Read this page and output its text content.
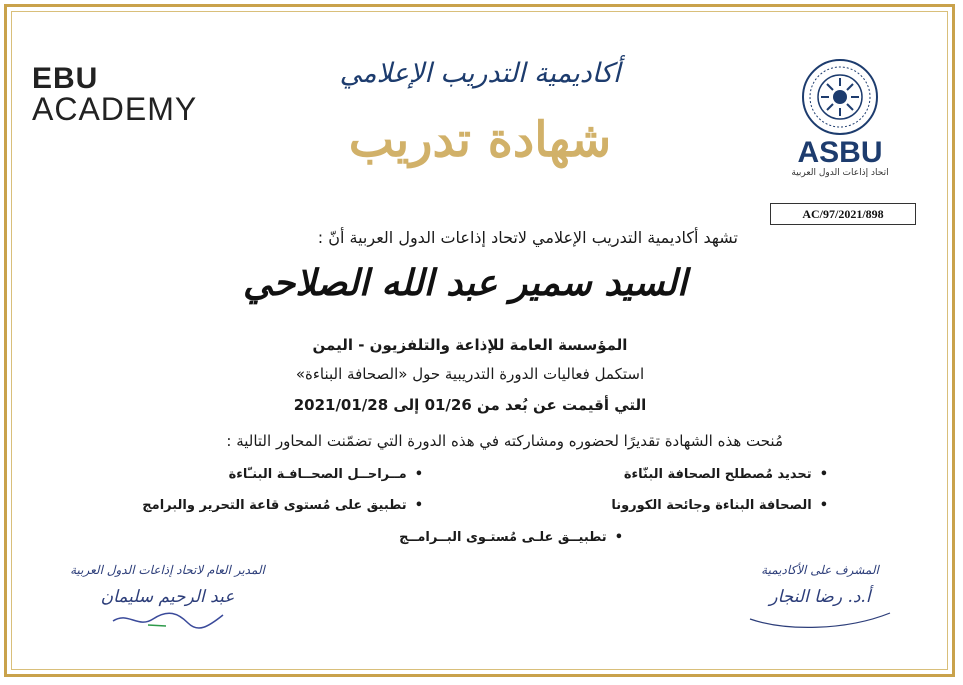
EBU
ACADEMY
ASBU
اتحاد إذاعات الدول العربية
AC/97/2021/898
أكاديمية التدريب الإعلامي
شهادة تدريب
تشهد أكاديمية التدريب الإعلامي لاتحاد إذاعات الدول العربية أنّ :
السيد سمير عبد الله الصلاحي
المؤسسة العامة للإذاعة والتلفزيون - اليمن
استكمل فعاليات الدورة التدريبية حول «الصحافة البناءة»
التي أقيمت عن بُعد من 01/26 إلى 2021/01/28
مُنحت هذه الشهادة تقديرًا لحضوره ومشاركته في هذه الدورة التي تضمّنت المحاور التالية :
•تحديد مُصطلح الصحافة البنّاءة
•مــراحــل الصحــافـة البنـّاءة
•الصحافة البناءة وجائحة الكورونا
•تطبيق على مُستوى قاعة التحرير والبرامج
•تطبيــق علـى مُستـوى البــرامــج
المدير العام لاتحاد إذاعات الدول العربية
عبد الرحيم سليمان
المشرف على الأكاديمية
أ.د. رضا النجار
